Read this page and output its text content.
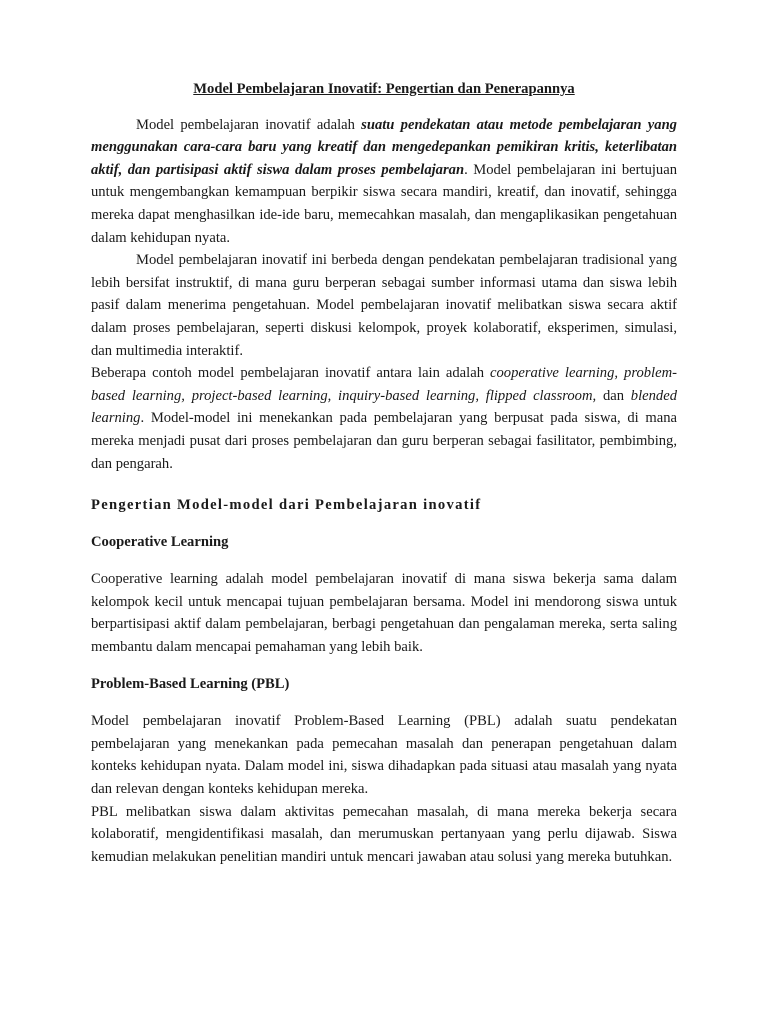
Model Pembelajaran Inovatif: Pengertian dan Penerapannya

Model pembelajaran inovatif adalah suatu pendekatan atau metode pembelajaran yang menggunakan cara-cara baru yang kreatif dan mengedepankan pemikiran kritis, keterlibatan aktif, dan partisipasi aktif siswa dalam proses pembelajaran. Model pembelajaran ini bertujuan untuk mengembangkan kemampuan berpikir siswa secara mandiri, kreatif, dan inovatif, sehingga mereka dapat menghasilkan ide-ide baru, memecahkan masalah, dan mengaplikasikan pengetahuan dalam kehidupan nyata.

Model pembelajaran inovatif ini berbeda dengan pendekatan pembelajaran tradisional yang lebih bersifat instruktif, di mana guru berperan sebagai sumber informasi utama dan siswa lebih pasif dalam menerima pengetahuan. Model pembelajaran inovatif melibatkan siswa secara aktif dalam proses pembelajaran, seperti diskusi kelompok, proyek kolaboratif, eksperimen, simulasi, dan multimedia interaktif.

Beberapa contoh model pembelajaran inovatif antara lain adalah cooperative learning, problem-based learning, project-based learning, inquiry-based learning, flipped classroom, dan blended learning. Model-model ini menekankan pada pembelajaran yang berpusat pada siswa, di mana mereka menjadi pusat dari proses pembelajaran dan guru berperan sebagai fasilitator, pembimbing, dan pengarah.

Pengertian Model-model dari Pembelajaran inovatif
Cooperative Learning

Cooperative learning adalah model pembelajaran inovatif di mana siswa bekerja sama dalam kelompok kecil untuk mencapai tujuan pembelajaran bersama. Model ini mendorong siswa untuk berpartisipasi aktif dalam pembelajaran, berbagi pengetahuan dan pengalaman mereka, serta saling membantu dalam mencapai pemahaman yang lebih baik.

Problem-Based Learning (PBL)

Model pembelajaran inovatif Problem-Based Learning (PBL) adalah suatu pendekatan pembelajaran yang menekankan pada pemecahan masalah dan penerapan pengetahuan dalam konteks kehidupan nyata. Dalam model ini, siswa dihadapkan pada situasi atau masalah yang nyata dan relevan dengan konteks kehidupan mereka.

PBL melibatkan siswa dalam aktivitas pemecahan masalah, di mana mereka bekerja secara kolaboratif, mengidentifikasi masalah, dan merumuskan pertanyaan yang perlu dijawab. Siswa kemudian melakukan penelitian mandiri untuk mencari jawaban atau solusi yang mereka butuhkan.
